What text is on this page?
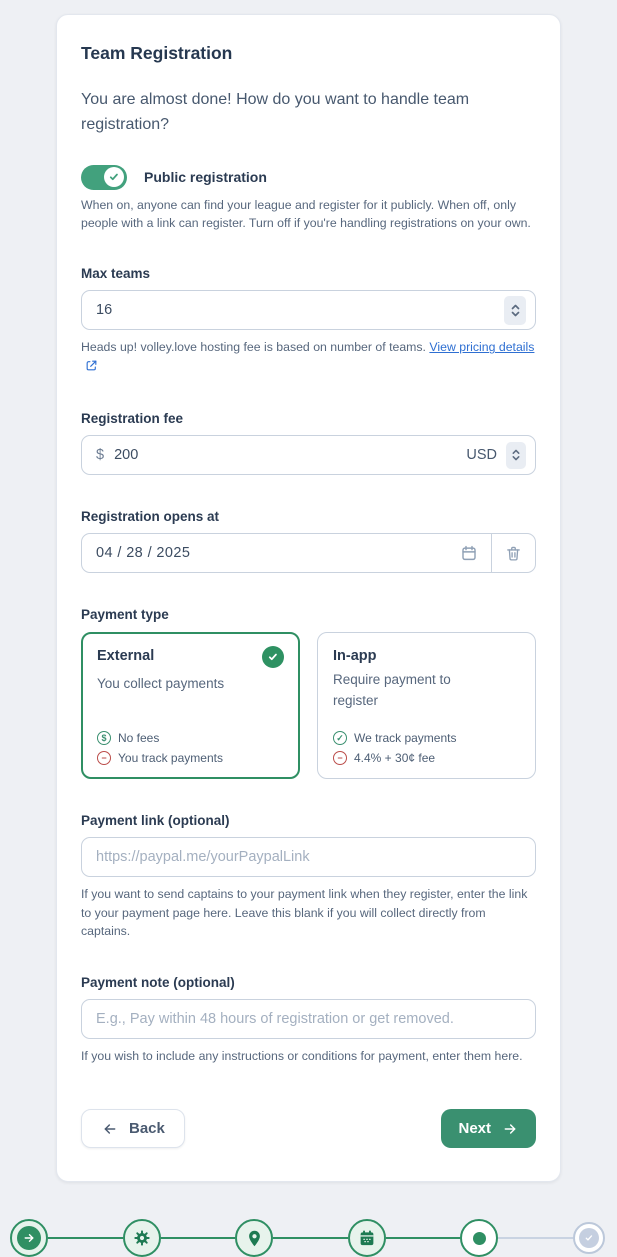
Team Registration
You are almost done! How do you want to handle team registration?
Public registration
When on, anyone can find your league and register for it publicly. When off, only people with a link can register. Turn off if you're handling registrations on your own.
Max teams
16
Heads up! volley.love hosting fee is based on number of teams. View pricing details
Registration fee
$
200	USD
Registration opens at
04 / 28 / 2025
Payment type
External
You collect payments
$ No fees
− You track payments
In-app
Require payment to register
✓ We track payments
− 4.4% + 30¢ fee
Payment link (optional)
https://paypal.me/yourPaypalLink
If you want to send captains to your payment link when they register, enter the link to your payment page here. Leave this blank if you will collect directly from captains.
Payment note (optional)
E.g., Pay within 48 hours of registration or get removed.
If you wish to include any instructions or conditions for payment, enter them here.
Back	Next
